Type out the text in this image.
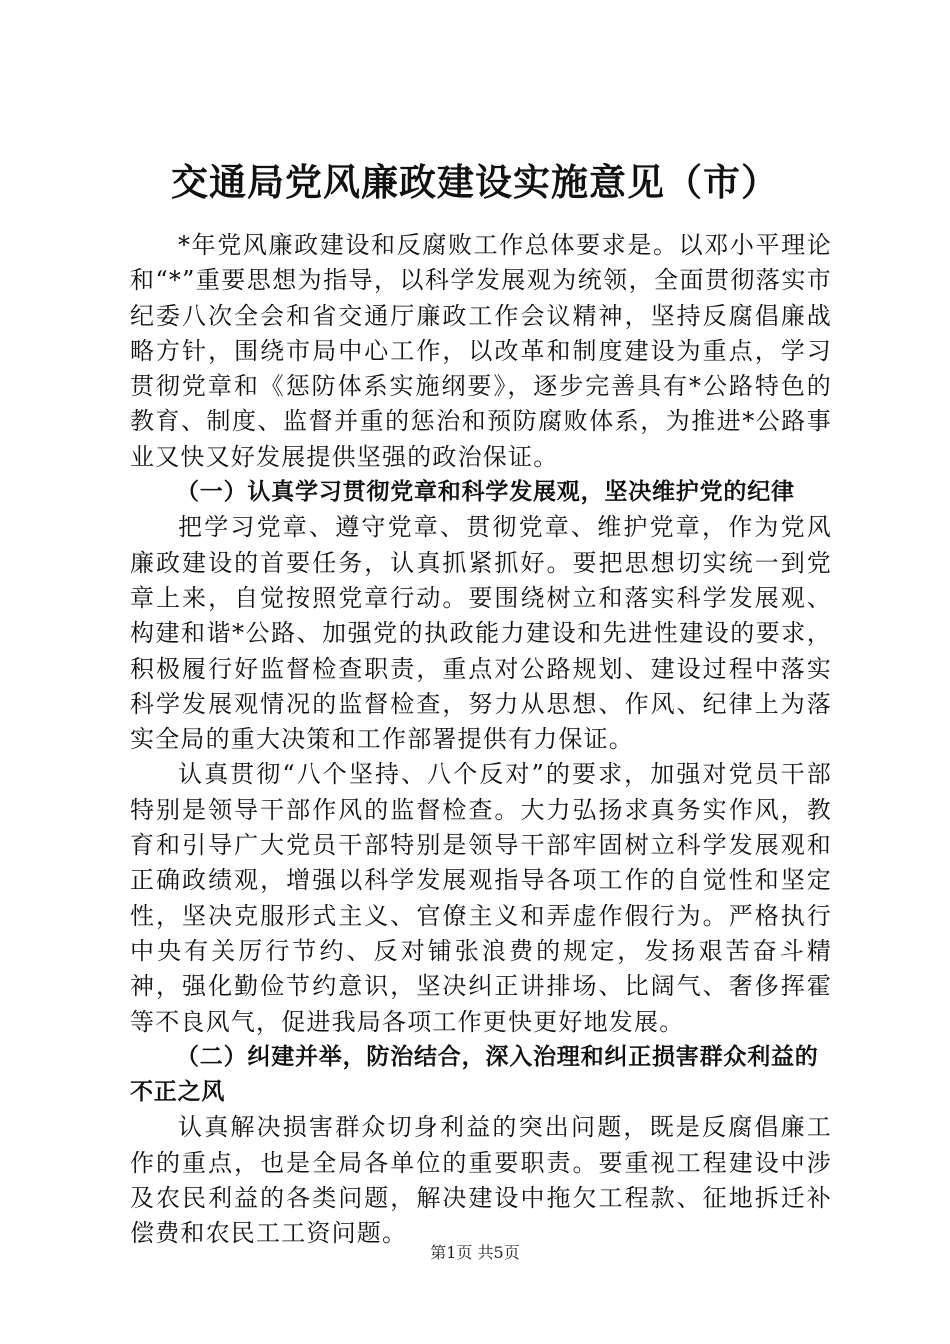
交通局党风廉政建设实施意见（市）

*年党风廉政建设和反腐败工作总体要求是。以邓小平理论和“*”重要思想为指导，以科学发展观为统领，全面贯彻落实市纪委八次全会和省交通厅廉政工作会议精神，坚持反腐倡廉战略方针，围绕市局中心工作，以改革和制度建设为重点，学习贯彻党章和《惩防体系实施纲要》，逐步完善具有*公路特色的教育、制度、监督并重的惩治和预防腐败体系，为推进*公路事业又快又好发展提供坚强的政治保证。

（一）认真学习贯彻党章和科学发展观，坚决维护党的纪律

把学习党章、遵守党章、贯彻党章、维护党章，作为党风廉政建设的首要任务，认真抓紧抓好。要把思想切实统一到党章上来，自觉按照党章行动。要围绕树立和落实科学发展观、构建和谐*公路、加强党的执政能力建设和先进性建设的要求，积极履行好监督检查职责，重点对公路规划、建设过程中落实科学发展观情况的监督检查，努力从思想、作风、纪律上为落实全局的重大决策和工作部署提供有力保证。

认真贯彻“八个坚持、八个反对”的要求，加强对党员干部特别是领导干部作风的监督检查。大力弘扬求真务实作风，教育和引导广大党员干部特别是领导干部牢固树立科学发展观和正确政绩观，增强以科学发展观指导各项工作的自觉性和坚定性，坚决克服形式主义、官僚主义和弄虚作假行为。严格执行中央有关厉行节约、反对铺张浪费的规定，发扬艰苦奋斗精神，强化勤俭节约意识，坚决纠正讲排场、比阔气、奢侈挥霍等不良风气，促进我局各项工作更快更好地发展。

（二）纠建并举，防治结合，深入治理和纠正损害群众利益的不正之风

认真解决损害群众切身利益的突出问题，既是反腐倡廉工作的重点，也是全局各单位的重要职责。要重视工程建设中涉及农民利益的各类问题，解决建设中拖欠工程款、征地拆迁补偿费和农民工工资问题。

第1页 共5页
